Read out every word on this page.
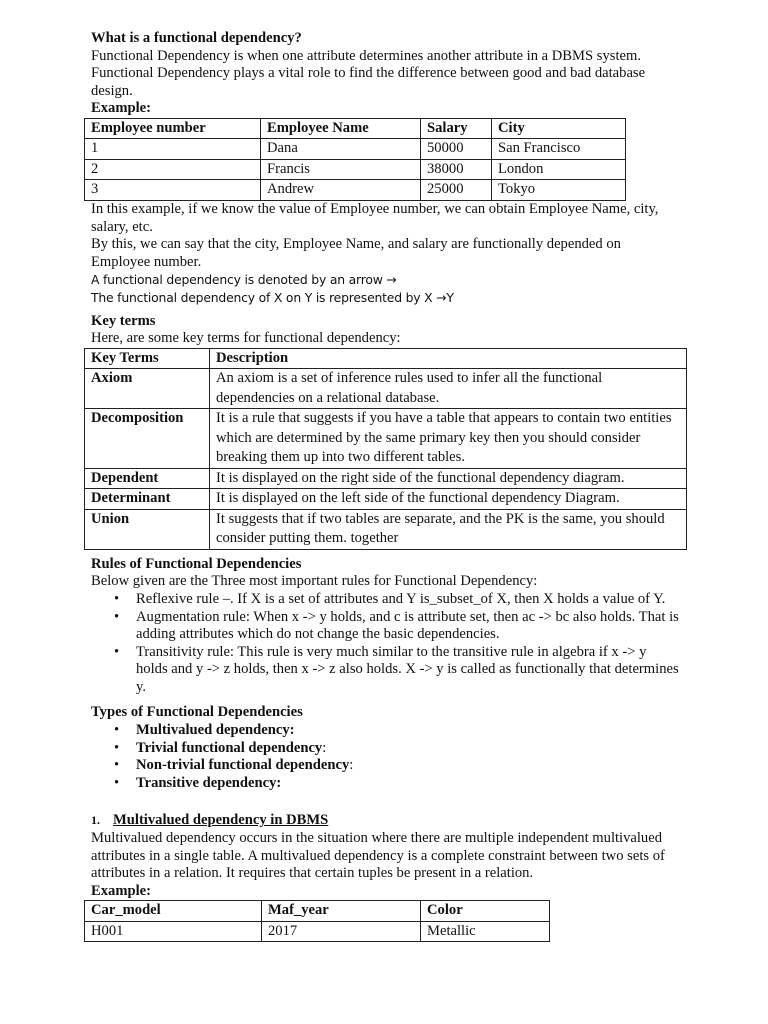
What is a functional dependency?

Functional Dependency is when one attribute determines another attribute in a DBMS system.

Functional Dependency plays a vital role to find the difference between good and bad database design.

Example:

Employee number	Employee Name	Salary	City
1	Dana	50000	San Francisco
2	Francis	38000	London
3	Andrew	25000	Tokyo

In this example, if we know the value of Employee number, we can obtain Employee Name, city, salary, etc.

By this, we can say that the city, Employee Name, and salary are functionally depended on Employee number.

A functional dependency is denoted by an arrow →

The functional dependency of X on Y is represented by X →Y

Key terms

Here, are some key terms for functional dependency:

Key Terms	Description
Axiom	An axiom is a set of inference rules used to infer all the functional dependencies on a relational database.
Decomposition	It is a rule that suggests if you have a table that appears to contain two entities which are determined by the same primary key then you should consider breaking them up into two different tables.
Dependent	It is displayed on the right side of the functional dependency diagram.
Determinant	It is displayed on the left side of the functional dependency Diagram.
Union	It suggests that if two tables are separate, and the PK is the same, you should consider putting them. together

Rules of Functional Dependencies

Below given are the Three most important rules for Functional Dependency:

• Reflexive rule –. If X is a set of attributes and Y is_subset_of X, then X holds a value of Y.
• Augmentation rule: When x -> y holds, and c is attribute set, then ac -> bc also holds. That is adding attributes which do not change the basic dependencies.
• Transitivity rule: This rule is very much similar to the transitive rule in algebra if x -> y holds and y -> z holds, then x -> z also holds. X -> y is called as functionally that determines y.

Types of Functional Dependencies

• Multivalued dependency:
• Trivial functional dependency:
• Non-trivial functional dependency:
• Transitive dependency:

1. Multivalued dependency in DBMS

Multivalued dependency occurs in the situation where there are multiple independent multivalued attributes in a single table. A multivalued dependency is a complete constraint between two sets of attributes in a relation. It requires that certain tuples be present in a relation.

Example:

Car_model	Maf_year	Color
H001	2017	Metallic
